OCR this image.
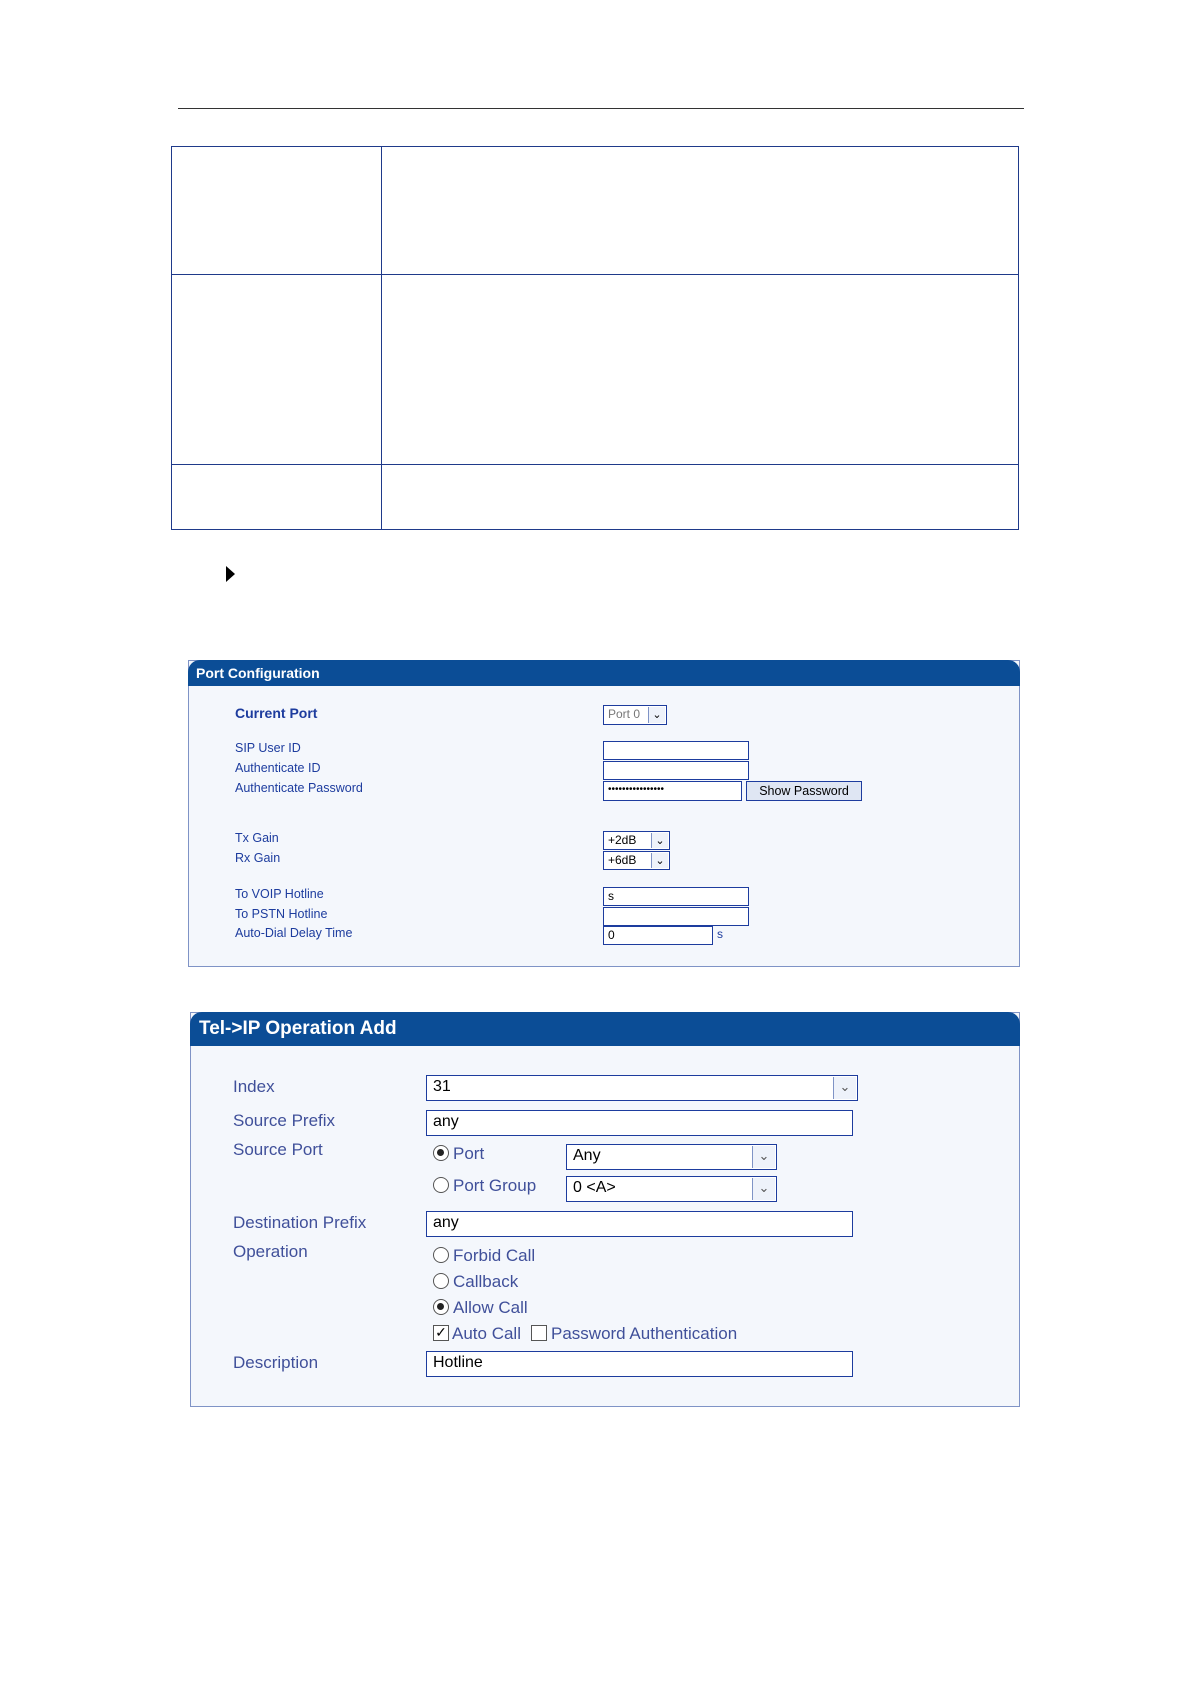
Port Configuration
Current Port	Port 0	⌄
SIP User ID
Authenticate ID
Authenticate Password	••••••••••••••••	Show Password
Tx Gain	+2dB	⌄
Rx Gain	+6dB	⌄
To VOIP Hotline	s
To PSTN Hotline
Auto-Dial Delay Time	0	s
Tel->IP Operation Add
Index	31	⌄
Source Prefix	any
Source Port	Port	Any	⌄
Port Group	0 <A>	⌄
Destination Prefix	any
Operation	Forbid Call
Callback
Allow Call
✓ Auto Call Password Authentication
Description	Hotline
